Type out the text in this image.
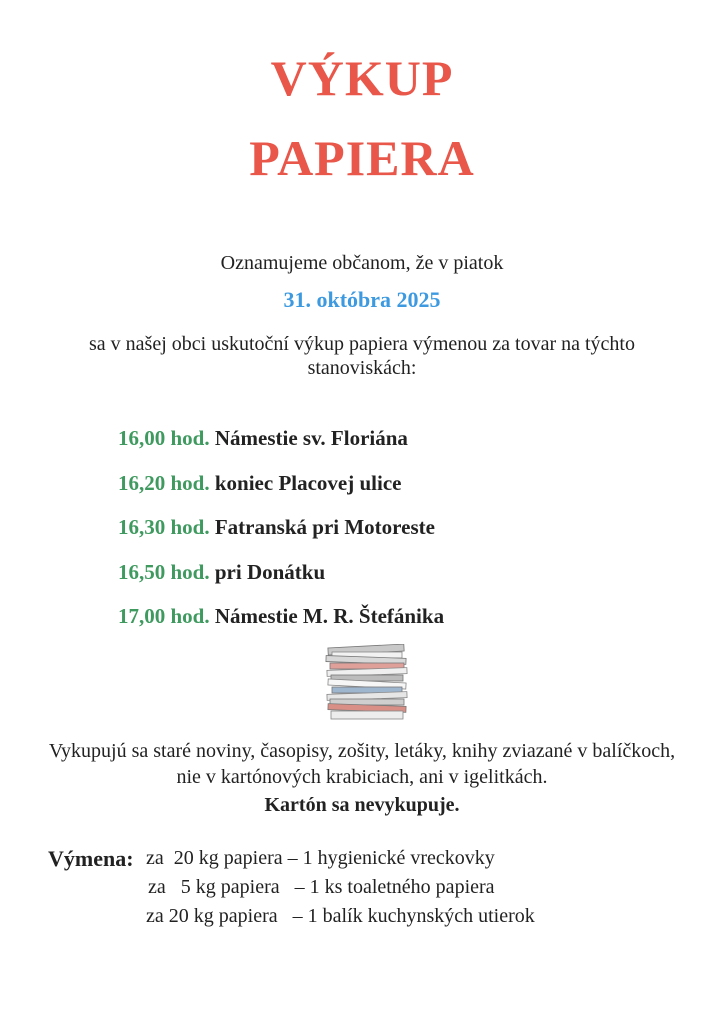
VÝKUP
PAPIERA
Oznamujeme občanom, že v piatok
31. októbra 2025
sa v našej obci uskutoční výkup papiera výmenou za tovar na týchto stanoviskách:
16,00 hod. Námestie sv. Floriána
16,20 hod. koniec Placovej ulice
16,30 hod. Fatranská pri Motoreste
16,50 hod. pri Donátku
17,00 hod. Námestie M. R. Štefánika
Vykupujú sa staré noviny, časopisy, zošity, letáky, knihy zviazané v balíčkoch, nie v kartónových krabiciach, ani v igelitkách.
Kartón sa nevykupuje.
Výmena: za  20 kg papiera – 1 hygienické vreckovky
za   5 kg papiera   – 1 ks toaletného papiera
za 20 kg papiera   – 1 balík kuchynských utierok
